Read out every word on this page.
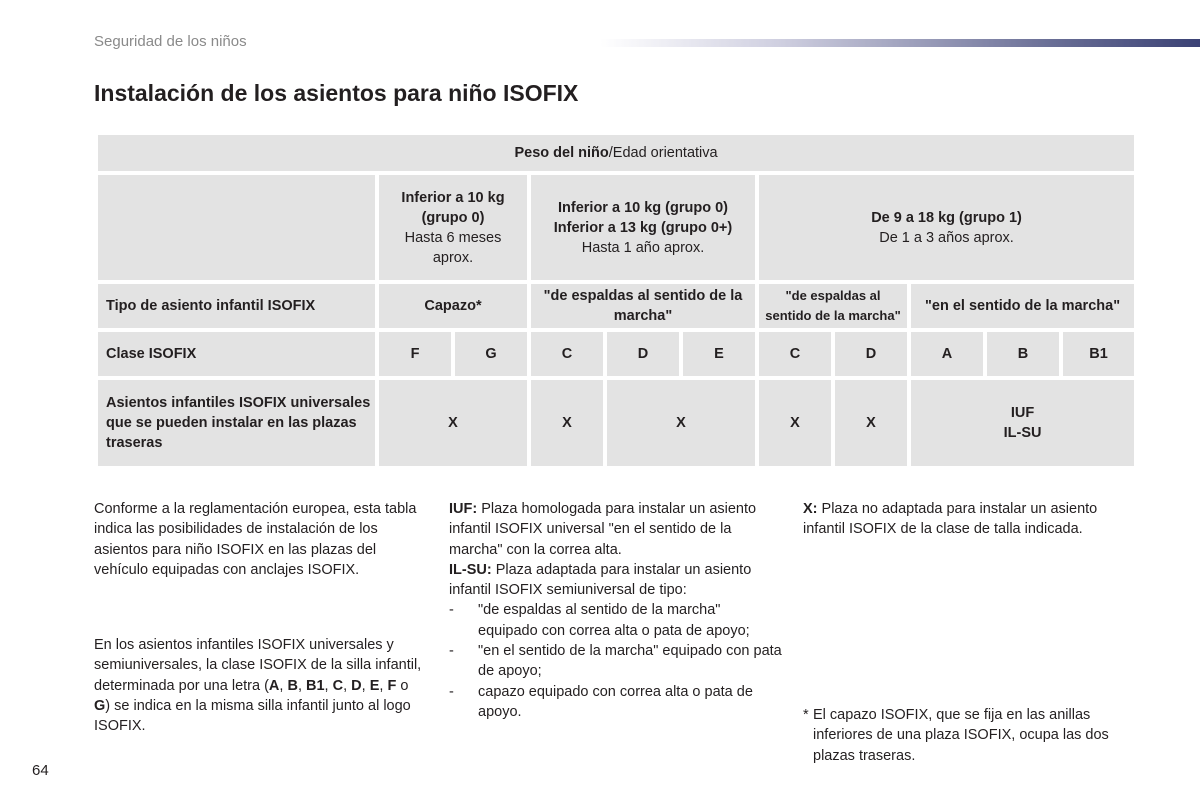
Seguridad de los niños
Instalación de los asientos para niño ISOFIX
Peso del niño/Edad orientativa										
	Inferior a 10 kg
(grupo 0)
Hasta 6 meses
aprox.		Inferior a 10 kg (grupo 0)
Inferior a 13 kg (grupo 0+)
Hasta 1 año aprox.			De 9 a 18 kg (grupo 1)
De 1 a 3 años aprox.				
Tipo de asiento infantil ISOFIX	Capazo*		"de espaldas al sentido de la marcha"			"de espaldas al sentido de la marcha"		"en el sentido de la marcha"		
Clase ISOFIX	F	G	C	D	E	C	D	A	B	B1
Asientos infantiles ISOFIX universales que se pueden instalar en las plazas traseras	X		X	X		X	X	IUF
IL-SU		

Conforme a la reglamentación europea, esta tabla indica las posibilidades de instalación de los asientos para niño ISOFIX en las plazas del vehículo equipadas con anclajes ISOFIX.

En los asientos infantiles ISOFIX universales y semiuniversales, la clase ISOFIX de la silla infantil, determinada por una letra (A, B, B1, C, D, E, F o G) se indica en la misma silla infantil junto al logo ISOFIX.

IUF: Plaza homologada para instalar un asiento infantil ISOFIX universal "en el sentido de la marcha" con la correa alta.

IL-SU: Plaza adaptada para instalar un asiento infantil ISOFIX semiuniversal de tipo:

- "de espaldas al sentido de la marcha" equipado con correa alta o pata de apoyo;
- "en el sentido de la marcha" equipado con pata de apoyo;
- capazo equipado con correa alta o pata de apoyo.

X: Plaza no adaptada para instalar un asiento infantil ISOFIX de la clase de talla indicada.

* El capazo ISOFIX, que se fija en las anillas inferiores de una plaza ISOFIX, ocupa las dos plazas traseras.
64
